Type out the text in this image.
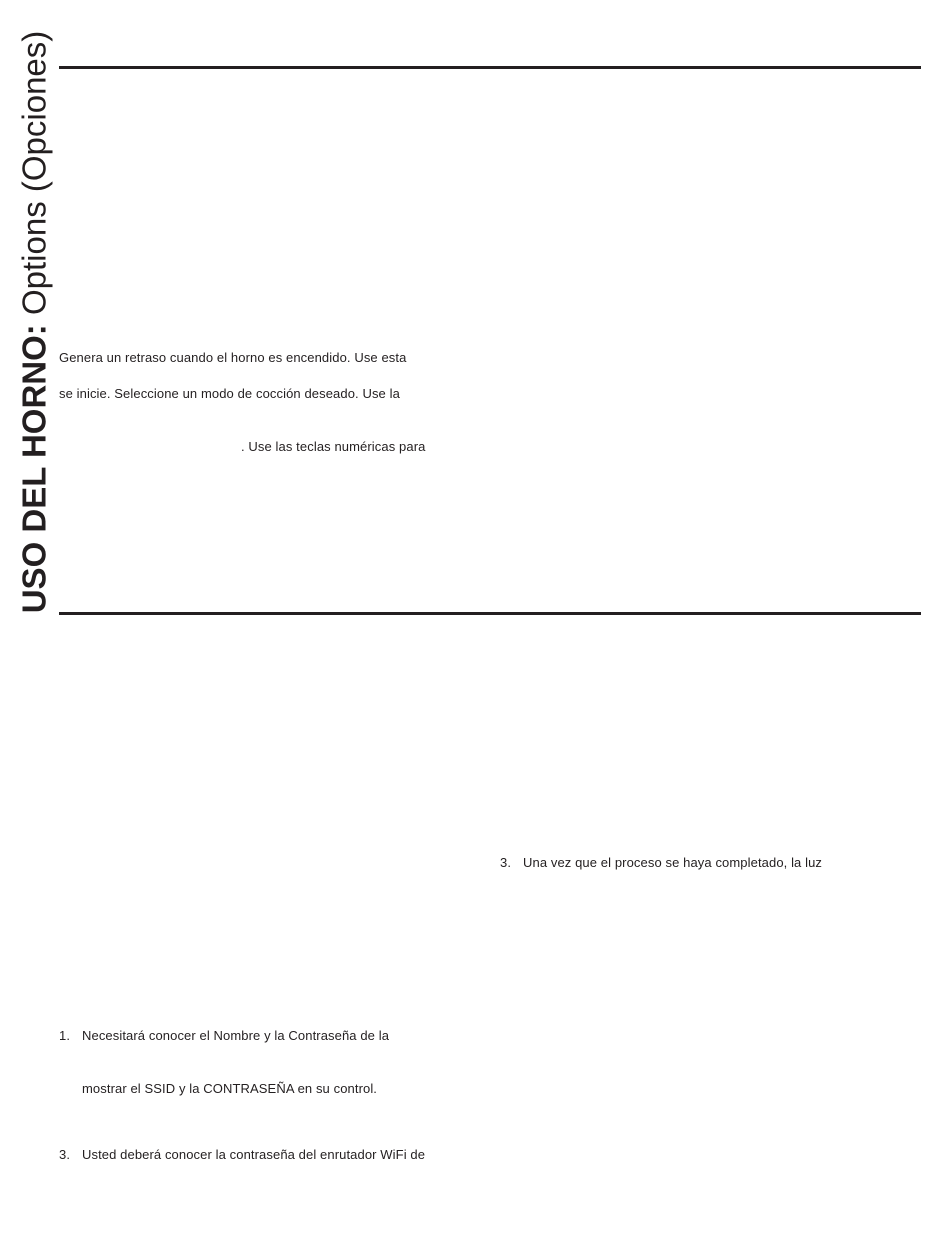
USO DEL HORNO: Options (Opciones)
Genera un retraso cuando el horno es encendido. Use esta
se inicie. Seleccione un modo de cocción deseado. Use la
. Use las teclas numéricas para
3. Una vez que el proceso se haya completado, la luz
1. Necesitará conocer el Nombre y la Contraseña de la
mostrar el SSID y la CONTRASEÑA en su control.
3. Usted deberá conocer la contraseña del enrutador WiFi de
